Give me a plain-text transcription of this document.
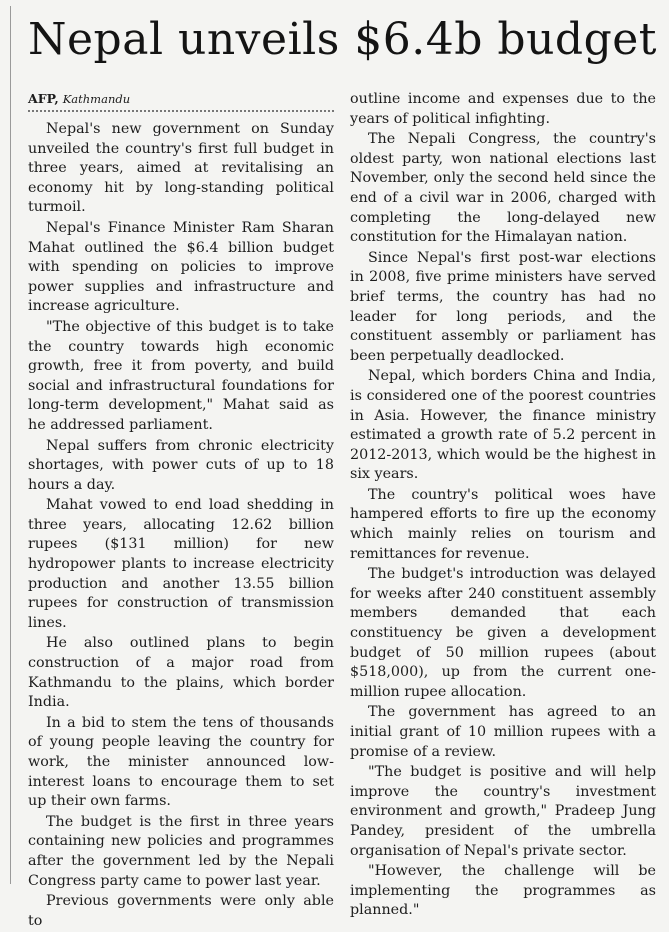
Nepal unveils $6.4b budget
AFP, Kathmandu

Nepal's new government on Sunday unveiled the country's first full budget in three years, aimed at revitalising an economy hit by long-standing political turmoil.

Nepal's Finance Minister Ram Sharan Mahat outlined the $6.4 billion budget with spending on policies to improve power supplies and infrastructure and increase agriculture.

"The objective of this budget is to take the country towards high economic growth, free it from poverty, and build social and infrastructural foundations for long-term development," Mahat said as he addressed parliament.

Nepal suffers from chronic electricity shortages, with power cuts of up to 18 hours a day.

Mahat vowed to end load shedding in three years, allocating 12.62 billion rupees ($131 million) for new hydropower plants to increase electricity production and another 13.55 billion rupees for construction of transmission lines.

He also outlined plans to begin construction of a major road from Kathmandu to the plains, which border India.

In a bid to stem the tens of thousands of young people leaving the country for work, the minister announced low-interest loans to encourage them to set up their own farms.

The budget is the first in three years containing new policies and programmes after the government led by the Nepali Congress party came to power last year.

Previous governments were only able to

outline income and expenses due to the years of political infighting.

The Nepali Congress, the country's oldest party, won national elections last November, only the second held since the end of a civil war in 2006, charged with completing the long-delayed new constitution for the Himalayan nation.

Since Nepal's first post-war elections in 2008, five prime ministers have served brief terms, the country has had no leader for long periods, and the constituent assembly or parliament has been perpetually deadlocked.

Nepal, which borders China and India, is considered one of the poorest countries in Asia. However, the finance ministry estimated a growth rate of 5.2 percent in 2012-2013, which would be the highest in six years.

The country's political woes have hampered efforts to fire up the economy which mainly relies on tourism and remittances for revenue.

The budget's introduction was delayed for weeks after 240 constituent assembly members demanded that each constituency be given a development budget of 50 million rupees (about $518,000), up from the current one-million rupee allocation.

The government has agreed to an initial grant of 10 million rupees with a promise of a review.

"The budget is positive and will help improve the country's investment environment and growth," Pradeep Jung Pandey, president of the umbrella organisation of Nepal's private sector.

"However, the challenge will be implementing the programmes as planned."
